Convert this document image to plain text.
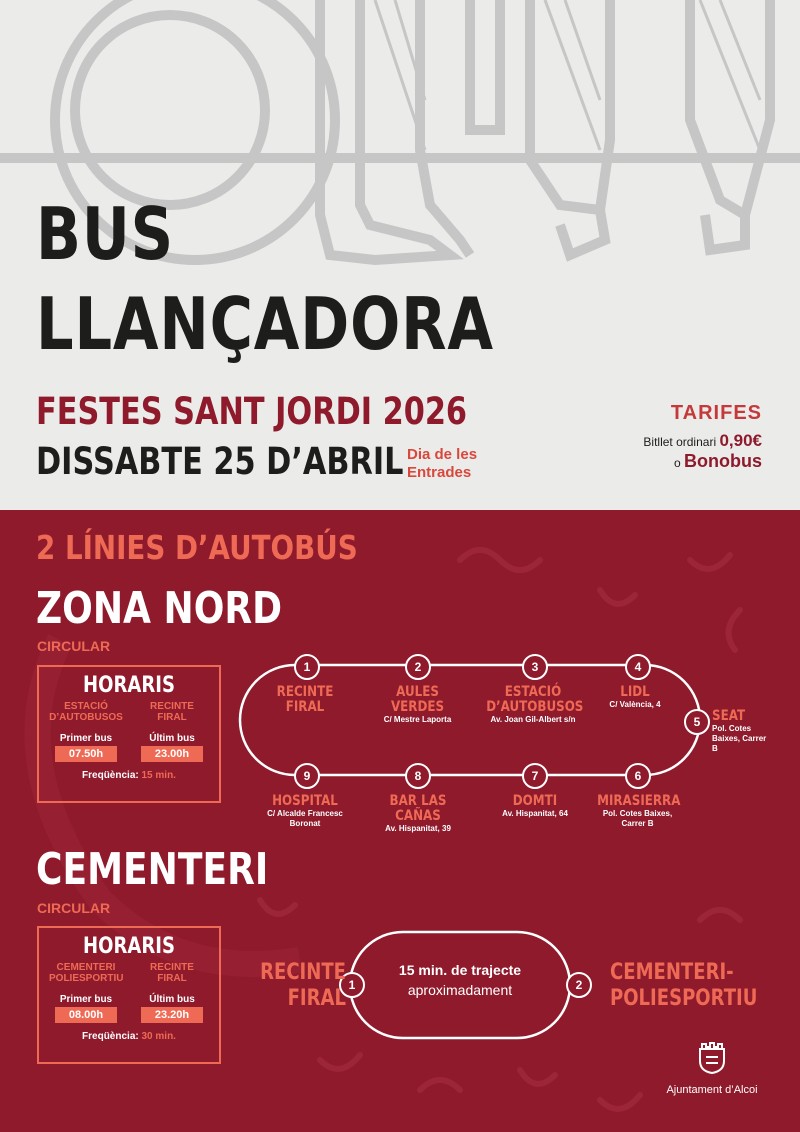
BUS
LLANÇADORA
FESTES SANT JORDI 2026
DISSABTE 25 D’ABRIL Dia de les Entrades
TARIFES
Bitllet ordinari 0,90€
o Bonobus
2 LÍNIES D’AUTOBÚS
ZONA NORD
CIRCULAR
HORARIS
ESTACIÓ D’AUTOBUSOS
Primer bus
07.50h
RECINTE FIRAL
Últim bus
23.00h
Freqüència: 15 min.
1	2	3	4
5
6
7
8
9
RECINTE FIRAL
AULES VERDES
C/ Mestre Laporta
ESTACIÓ D’AUTOBUSOS
Av. Joan Gil-Albert s/n
LIDL
C/ València, 4
SEAT
Pol. Cotes Baixes, Carrer B
MIRASIERRA
Pol. Cotes Baixes, Carrer B
DOMTI
Av. Hispanitat, 64
BAR LAS CAÑAS
Av. Hispanitat, 39
HOSPITAL
C/ Alcalde Francesc Boronat
CEMENTERI
CIRCULAR
HORARIS
CEMENTERI POLIESPORTIU
Primer bus
08.00h
RECINTE FIRAL
Últim bus
23.20h
Freqüència: 30 min.
1	2
RECINTE FIRAL
CEMENTERI- POLIESPORTIU
15 min. de trajecte
aproximadament
Ajuntament d’Alcoi
